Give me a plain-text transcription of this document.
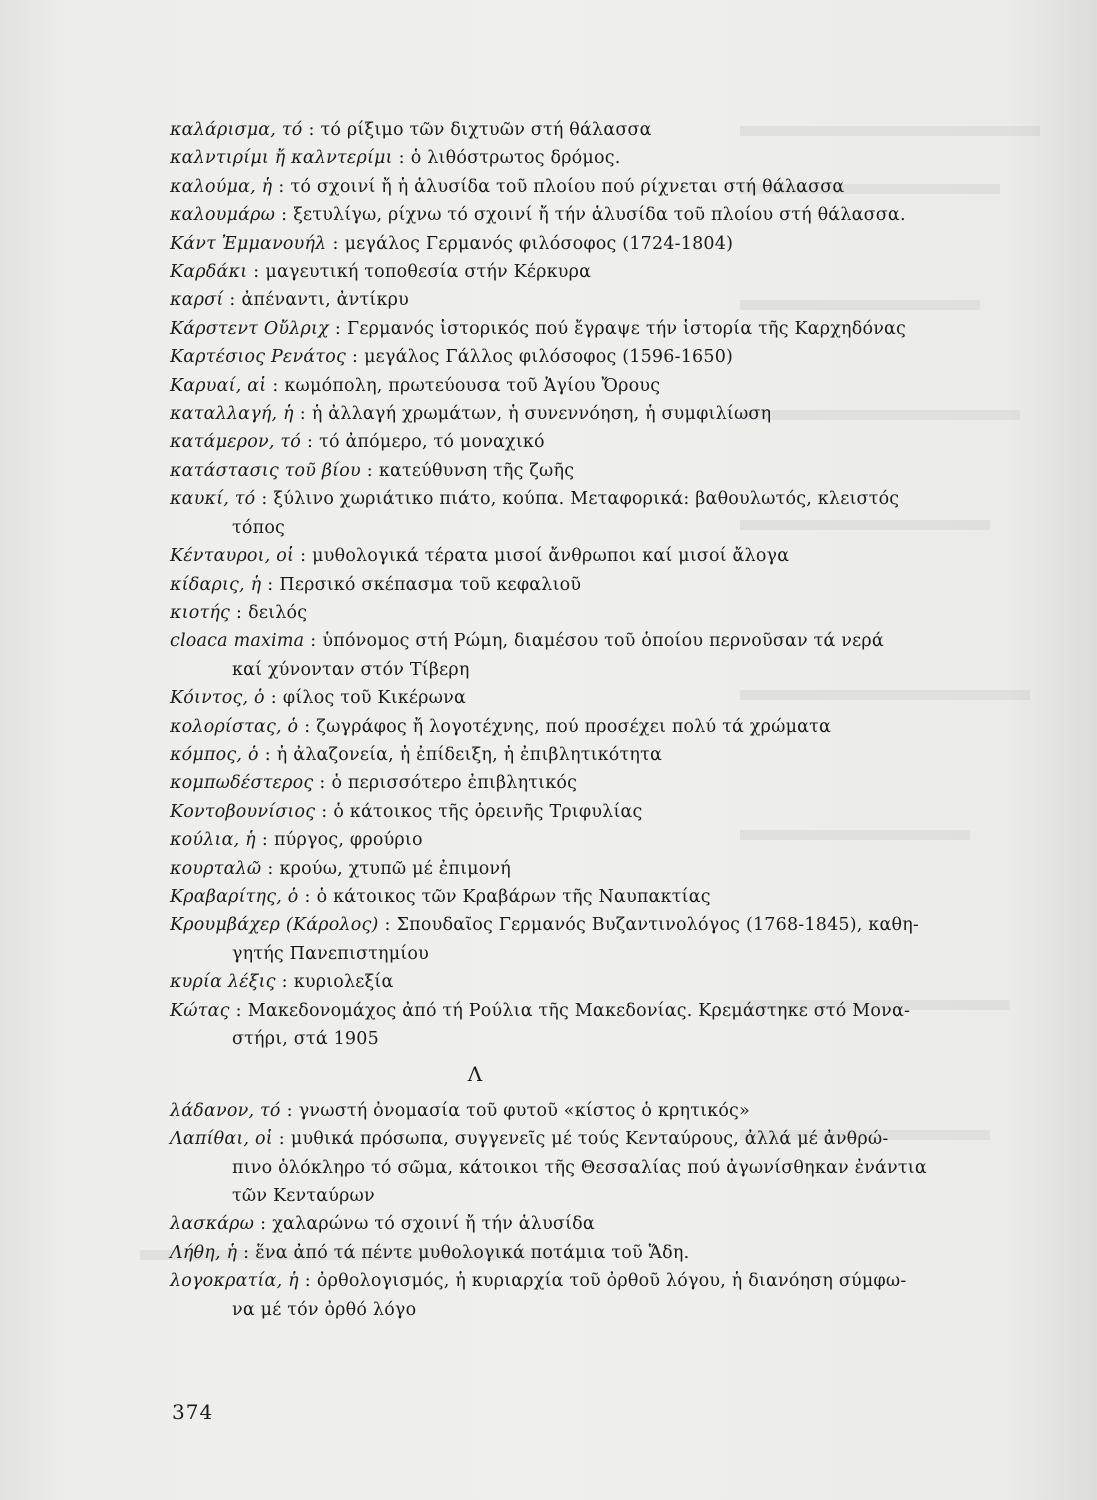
καλάρισμα, τό : τό ρίξιμο τῶν διχτυῶν στή θάλασσα
καλντιρίμι ἤ καλντερίμι : ὁ λιθόστρωτος δρόμος.
καλούμα, ἡ : τό σχοινί ἤ ἡ ἁλυσίδα τοῦ πλοίου πού ρίχνεται στή θάλασσα
καλουμάρω : ξετυλίγω, ρίχνω τό σχοινί ἤ τήν ἁλυσίδα τοῦ πλοίου στή θάλασσα.
Κάντ Ἐμμανουήλ : μεγάλος Γερμανός φιλόσοφος (1724-1804)
Καρδάκι : μαγευτική τοποθεσία στήν Κέρκυρα
καρσί : ἀπέναντι, ἀντίκρυ
Κάρστεντ Οὔλριχ : Γερμανός ἱστορικός πού ἔγραψε τήν ἱστορία τῆς Καρχηδόνας
Καρτέσιος Ρενάτος : μεγάλος Γάλλος φιλόσοφος (1596-1650)
Καρυαί, αἱ : κωμόπολη, πρωτεύουσα τοῦ Ἁγίου Ὄρους
καταλλαγή, ἡ : ἡ ἀλλαγή χρωμάτων, ἡ συνεννόηση, ἡ συμφιλίωση
κατάμερον, τό : τό ἀπόμερο, τό μοναχικό
κατάστασις τοῦ βίου : κατεύθυνση τῆς ζωῆς
καυκί, τό : ξύλινο χωριάτικο πιάτο, κούπα. Μεταφορικά: βαθουλωτός, κλειστός
τόπος
Κένταυροι, οἱ : μυθολογικά τέρατα μισοί ἄνθρωποι καί μισοί ἄλογα
κίδαρις, ἡ : Περσικό σκέπασμα τοῦ κεφαλιοῦ
κιοτής : δειλός
cloaca maxima : ὑπόνομος στή Ρώμη, διαμέσου τοῦ ὁποίου περνοῦσαν τά νερά
καί χύνονταν στόν Τίβερη
Κόιντος, ὁ : φίλος τοῦ Κικέρωνα
κολορίστας, ὁ : ζωγράφος ἤ λογοτέχνης, πού προσέχει πολύ τά χρώματα
κόμπος, ὁ : ἡ ἀλαζονεία, ἡ ἐπίδειξη, ἡ ἐπιβλητικότητα
κομπωδέστερος : ὁ περισσότερο ἐπιβλητικός
Κοντοβουνίσιος : ὁ κάτοικος τῆς ὀρεινῆς Τριφυλίας
κούλια, ἡ : πύργος, φρούριο
κουρταλῶ : κρούω, χτυπῶ μέ ἐπιμονή
Κραβαρίτης, ὁ : ὁ κάτοικος τῶν Κραβάρων τῆς Ναυπακτίας
Κρουμβάχερ (Κάρολος) : Σπουδαῖος Γερμανός Βυζαντινολόγος (1768-1845), καθη-
γητής Πανεπιστημίου
κυρία λέξις : κυριολεξία
Κώτας : Μακεδονομάχος ἀπό τή Ρούλια τῆς Μακεδονίας. Κρεμάστηκε στό Μονα-
στήρι, στά 1905
Λ
λάδανον, τό : γνωστή ὀνομασία τοῦ φυτοῦ «κίστος ὁ κρητικός»
Λαπίθαι, οἱ : μυθικά πρόσωπα, συγγενεῖς μέ τούς Κενταύρους, ἀλλά μέ ἀνθρώ-
πινο ὁλόκληρο τό σῶμα, κάτοικοι τῆς Θεσσαλίας πού ἀγωνίσθηκαν ἐνάντια
τῶν Κενταύρων
λασκάρω : χαλαρώνω τό σχοινί ἤ τήν ἁλυσίδα
Λήθη, ἡ : ἕνα ἀπό τά πέντε μυθολογικά ποτάμια τοῦ Ἅδη.
λογοκρατία, ἡ : ὀρθολογισμός, ἡ κυριαρχία τοῦ ὀρθοῦ λόγου, ἡ διανόηση σύμφω-
να μέ τόν ὀρθό λόγο
374
